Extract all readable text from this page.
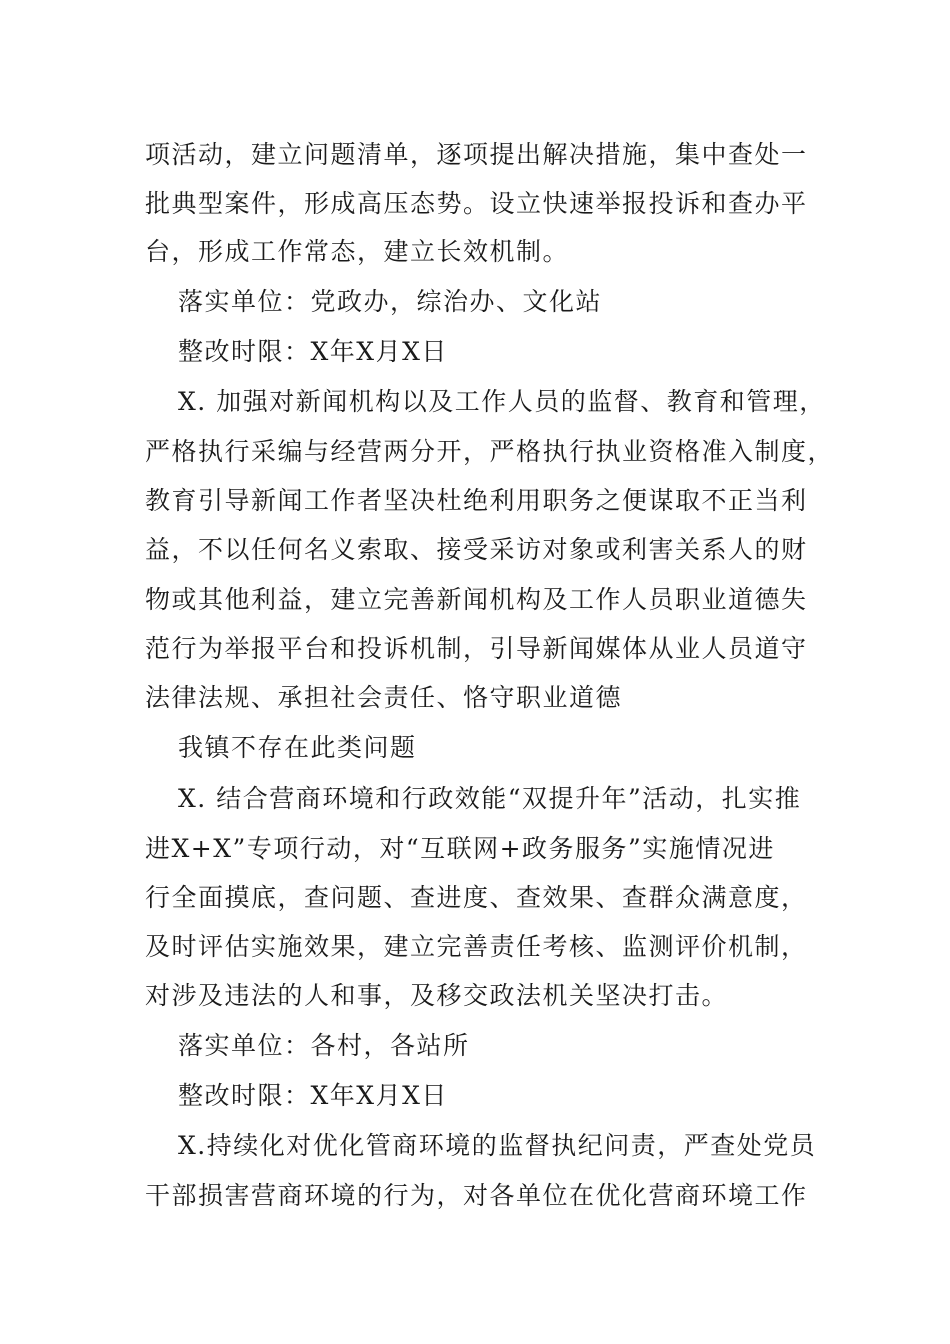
项活动，建立问题清单，逐项提出解决措施，集中查处一
批典型案件，形成高压态势。设立快速举报投诉和查办平
台，形成工作常态，建立长效机制。
落实单位：党政办，综治办、文化站
整改时限：X年X月X日
X. 加强对新闻机构以及工作人员的监督、教育和管理，
严格执行采编与经营两分开，严格执行执业资格准入制度，
教育引导新闻工作者坚决杜绝利用职务之便谋取不正当利
益，不以任何名义索取、接受采访对象或利害关系人的财
物或其他利益，建立完善新闻机构及工作人员职业道德失
范行为举报平台和投诉机制，引导新闻媒体从业人员道守
法律法规、承担社会责任、恪守职业道德
我镇不存在此类问题
X. 结合营商环境和行政效能“双提升年”活动，扎实推
进X+X”专项行动，对“互联网+政务服务”实施情况进
行全面摸底，查问题、查进度、查效果、查群众满意度，
及时评估实施效果，建立完善责任考核、监测评价机制，
对涉及违法的人和事，及移交政法机关坚决打击。
落实单位：各村，各站所
整改时限：X年X月X日
X.持续化对优化管商环境的监督执纪问责，严查处党员
干部损害营商环境的行为，对各单位在优化营商环境工作
